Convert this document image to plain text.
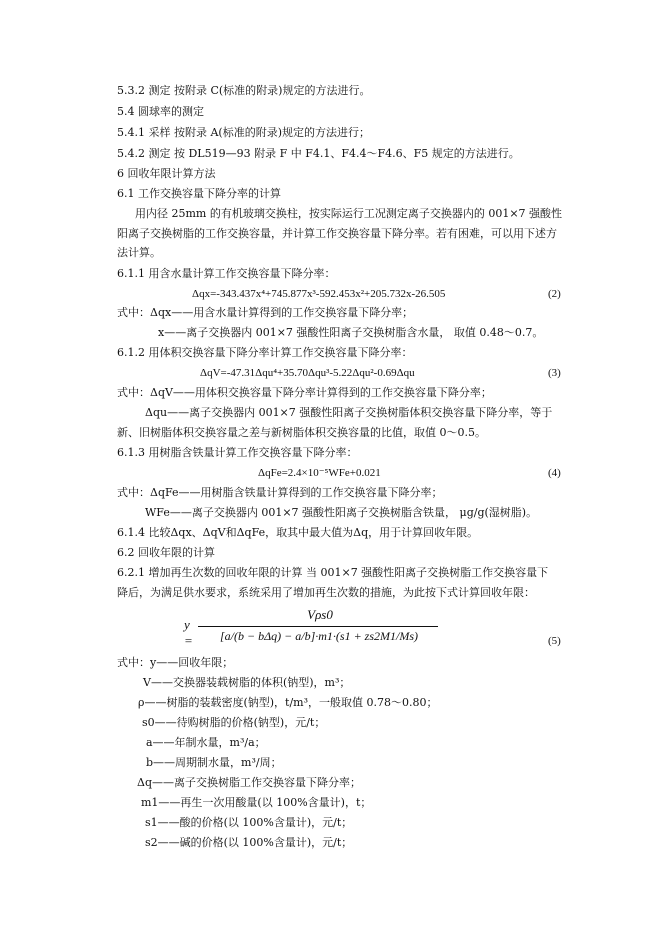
5.3.2 测定 按附录 C(标准的附录)规定的方法进行。
5.4 圆球率的测定
5.4.1 采样 按附录 A(标准的附录)规定的方法进行；
5.4.2 测定 按 DL519—93 附录 F 中 F4.1、F4.4～F4.6、F5 规定的方法进行。
6 回收年限计算方法
6.1 工作交换容量下降分率的计算
用内径 25mm 的有机玻璃交换柱，按实际运行工况测定离子交换器内的 001×7 强酸性
阳离子交换树脂的工作交换容量，并计算工作交换容量下降分率。若有困难，可以用下述方
法计算。
6.1.1 用含水量计算工作交换容量下降分率：
Δqx=-343.437x⁴+745.877x³-592.453x²+205.732x-26.505	(2)
式中：Δqx——用含水量计算得到的工作交换容量下降分率；
x——离子交换器内 001×7 强酸性阳离子交换树脂含水量， 取值 0.48～0.7。
6.1.2 用体积交换容量下降分率计算工作交换容量下降分率：
ΔqV=-47.31Δqu⁴+35.70Δqu³-5.22Δqu²-0.69Δqu	(3)
式中：ΔqV——用体积交换容量下降分率计算得到的工作交换容量下降分率；
Δqu——离子交换器内 001×7 强酸性阳离子交换树脂体积交换容量下降分率，等于
新、旧树脂体积交换容量之差与新树脂体积交换容量的比值，取值 0～0.5。
6.1.3 用树脂含铁量计算工作交换容量下降分率：
ΔqFe=2.4×10⁻⁵WFe+0.021	(4)
式中：ΔqFe——用树脂含铁量计算得到的工作交换容量下降分率；
WFe——离子交换器内 001×7 强酸性阳离子交换树脂含铁量， μg/g(湿树脂)。
6.1.4 比较Δqx、ΔqV和ΔqFe，取其中最大值为Δq，用于计算回收年限。
6.2 回收年限的计算
6.2.1 增加再生次数的回收年限的计算 当 001×7 强酸性阳离子交换树脂工作交换容量下
降后，为满足供水要求，系统采用了增加再生次数的措施，为此按下式计算回收年限：
y =
Vρs0
[a/(b − bΔq) − a/b]·m1·(s1 + zs2M1/Ms)	(5)
式中：y——回收年限；
V——交换器装载树脂的体积(钠型)，m³；
ρ——树脂的装载密度(钠型)，t/m³，一般取值 0.78～0.80；
s0——待购树脂的价格(钠型)，元/t；
a——年制水量，m³/a；
b——周期制水量，m³/周；
Δq——离子交换树脂工作交换容量下降分率；
m1——再生一次用酸量(以 100%含量计)，t；
s1——酸的价格(以 100%含量计)，元/t；
s2——碱的价格(以 100%含量计)，元/t；
